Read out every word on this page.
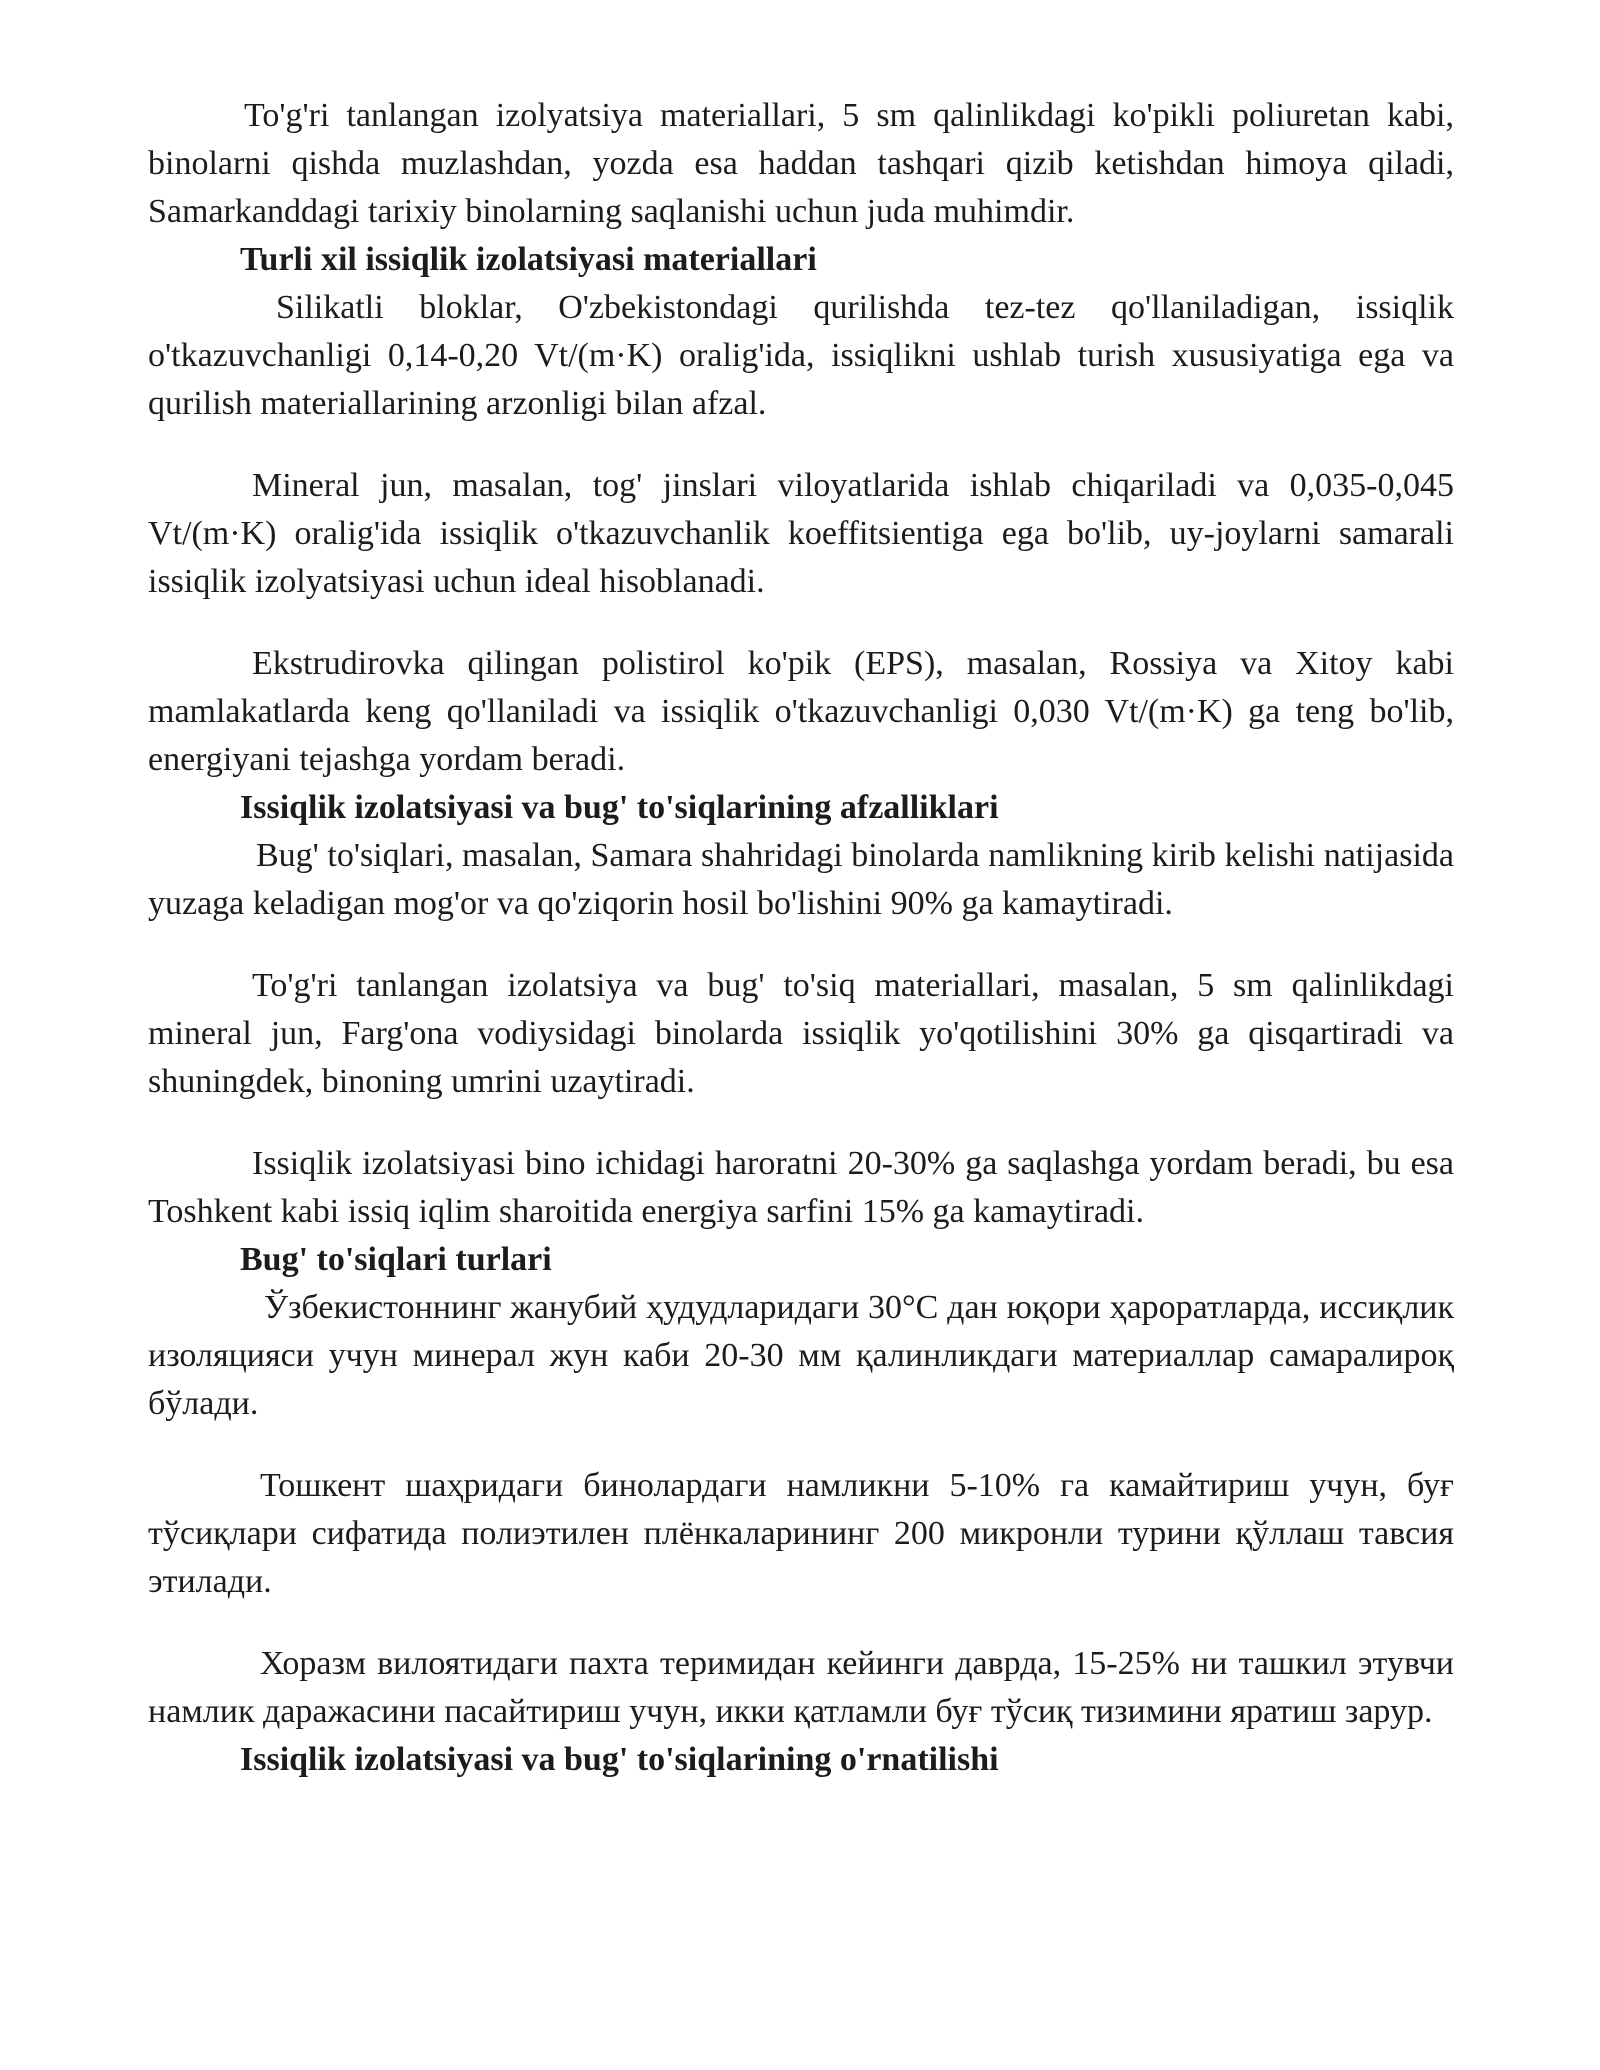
To'g'ri tanlangan izolyatsiya materiallari, 5 sm qalinlikdagi ko'pikli poliuretan kabi, binolarni qishda muzlashdan, yozda esa haddan tashqari qizib ketishdan himoya qiladi, Samarkanddagi tarixiy binolarning saqlanishi uchun juda muhimdir.

Turli xil issiqlik izolatsiyasi materiallari

Silikatli bloklar, O'zbekistondagi qurilishda tez-tez qo'llaniladigan, issiqlik o'tkazuvchanligi 0,14-0,20 Vt/(m·K) oralig'ida, issiqlikni ushlab turish xususiyatiga ega va qurilish materiallarining arzonligi bilan afzal.

Mineral jun, masalan, tog' jinslari viloyatlarida ishlab chiqariladi va 0,035-0,045 Vt/(m·K) oralig'ida issiqlik o'tkazuvchanlik koeffitsientiga ega bo'lib, uy-joylarni samarali issiqlik izolyatsiyasi uchun ideal hisoblanadi.

Ekstrudirovka qilingan polistirol ko'pik (EPS), masalan, Rossiya va Xitoy kabi mamlakatlarda keng qo'llaniladi va issiqlik o'tkazuvchanligi 0,030 Vt/(m·K) ga teng bo'lib, energiyani tejashga yordam beradi.

Issiqlik izolatsiyasi va bug' to'siqlarining afzalliklari

Bug' to'siqlari, masalan, Samara shahridagi binolarda namlikning kirib kelishi natijasida yuzaga keladigan mog'or va qo'ziqorin hosil bo'lishini 90% ga kamaytiradi.

To'g'ri tanlangan izolatsiya va bug' to'siq materiallari, masalan, 5 sm qalinlikdagi mineral jun, Farg'ona vodiysidagi binolarda issiqlik yo'qotilishini 30% ga qisqartiradi va shuningdek, binoning umrini uzaytiradi.

Issiqlik izolatsiyasi bino ichidagi haroratni 20-30% ga saqlashga yordam beradi, bu esa Toshkent kabi issiq iqlim sharoitida energiya sarfini 15% ga kamaytiradi.

Bug' to'siqlari turlari

Ўзбекистоннинг жанубий ҳудудларидаги 30°C дан юқори ҳароратларда, иссиқлик изоляцияси учун минерал жун каби 20-30 мм қалинликдаги материаллар самаралироқ бўлади.

Тошкент шаҳридаги бинолардаги намликни 5-10% га камайтириш учун, буғ тўсиқлари сифатида полиэтилен плёнкаларининг 200 микронли турини қўллаш тавсия этилади.

Хоразм вилоятидаги пахта теримидан кейинги даврда, 15-25% ни ташкил этувчи намлик даражасини пасайтириш учун, икки қатламли буғ тўсиқ тизимини яратиш зарур.

Issiqlik izolatsiyasi va bug' to'siqlarining o'rnatilishi
